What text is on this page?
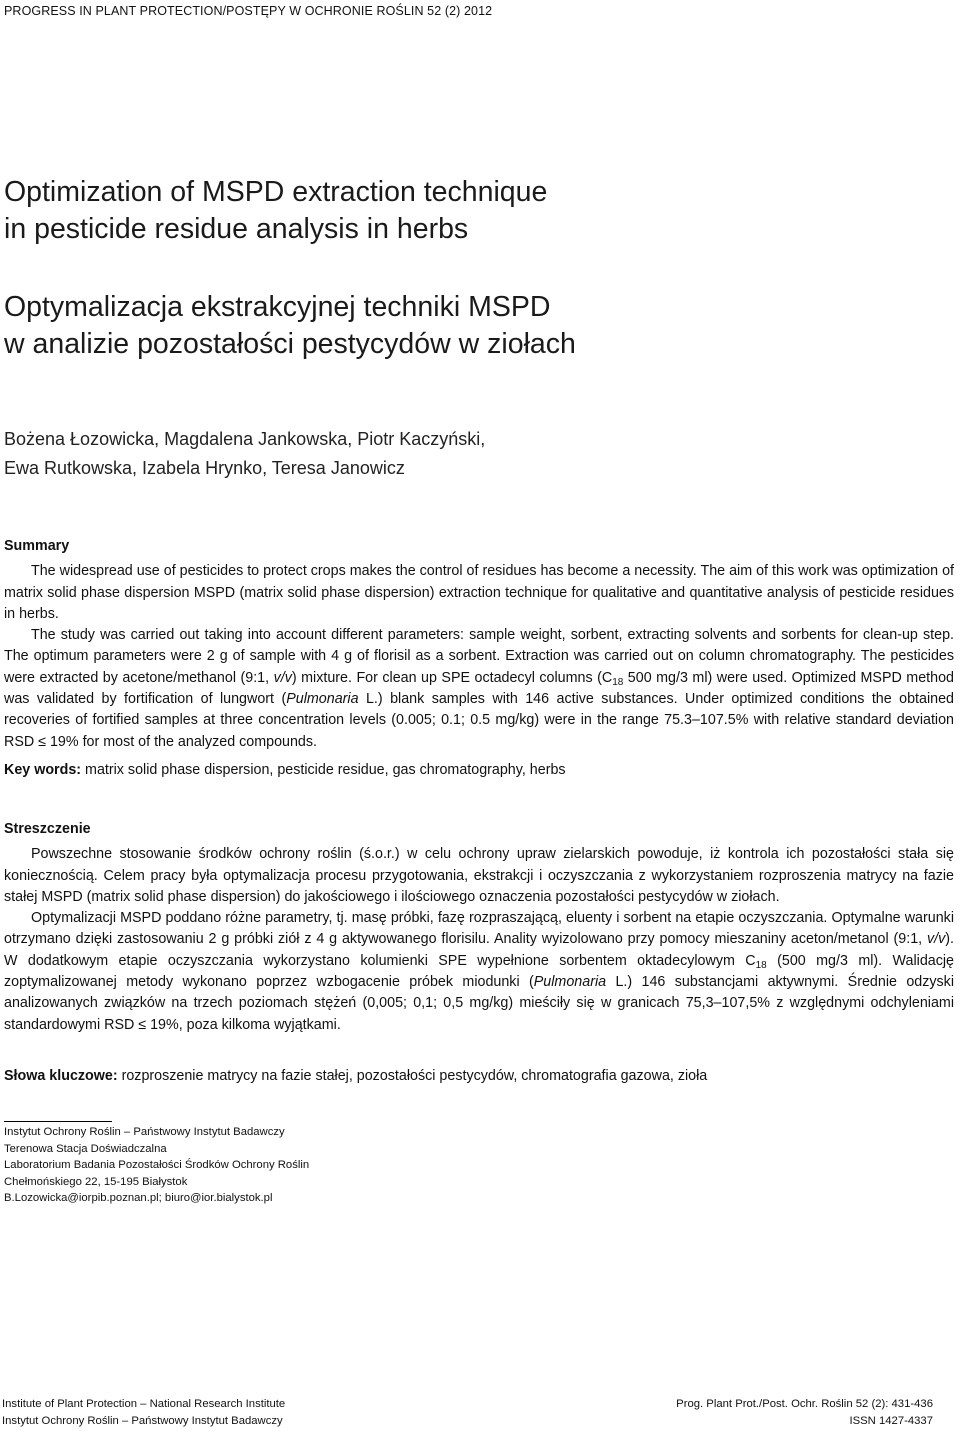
PROGRESS IN PLANT PROTECTION/POSTĘPY W OCHRONIE ROŚLIN 52 (2) 2012
Optimization of MSPD extraction technique
in pesticide residue analysis in herbs
Optymalizacja ekstrakcyjnej techniki MSPD
w analizie pozostałości pestycydów w ziołach
Bożena Łozowicka, Magdalena Jankowska, Piotr Kaczyński,
Ewa Rutkowska, Izabela Hrynko, Teresa Janowicz
Summary

The widespread use of pesticides to protect crops makes the control of residues has become a necessity. The aim of this work was optimization of matrix solid phase dispersion MSPD (matrix solid phase dispersion) extraction technique for qualitative and quantitative analysis of pesticide residues in herbs.

The study was carried out taking into account different parameters: sample weight, sorbent, extracting solvents and sorbents for clean-up step. The optimum parameters were 2 g of sample with 4 g of florisil as a sorbent. Extraction was carried out on column chromatography. The pesticides were extracted by acetone/methanol (9:1, v/v) mixture. For clean up SPE octadecyl columns ($C_{18}$ 500 mg/3 ml) were used. Optimized MSPD method was validated by fortification of lungwort (Pulmonaria L.) blank samples with 146 active substances. Under optimized conditions the obtained recoveries of fortified samples at three concentration levels (0.005; 0.1; 0.5 mg/kg) were in the range 75.3–107.5% with relative standard deviation RSD ≤ 19% for most of the analyzed compounds.

Key words: matrix solid phase dispersion, pesticide residue, gas chromatography, herbs
Streszczenie

Powszechne stosowanie środków ochrony roślin (ś.o.r.) w celu ochrony upraw zielarskich powoduje, iż kontrola ich pozostałości stała się koniecznością. Celem pracy była optymalizacja procesu przygotowania, ekstrakcji i oczyszczania z wykorzystaniem rozproszenia matrycy na fazie stałej MSPD (matrix solid phase dispersion) do jakościowego i ilościowego oznaczenia pozostałości pestycydów w ziołach.

Optymalizacji MSPD poddano różne parametry, tj. masę próbki, fazę rozpraszającą, eluenty i sorbent na etapie oczyszczania. Optymalne warunki otrzymano dzięki zastosowaniu 2 g próbki ziół z 4 g aktywowanego florisilu. Anality wyizolowano przy pomocy mieszaniny aceton/metanol (9:1, v/v). W dodatkowym etapie oczyszczania wykorzystano kolumienki SPE wypełnione sorbentem oktadecylowym $C_{18}$ (500 mg/3 ml). Walidację zoptymalizowanej metody wykonano poprzez wzbogacenie próbek miodunki (Pulmonaria L.) 146 substancjami aktywnymi. Średnie odzyski analizowanych związków na trzech poziomach stężeń (0,005; 0,1; 0,5 mg/kg) mieściły się w granicach 75,3–107,5% z względnymi odchyleniami standardowymi RSD ≤ 19%, poza kilkoma wyjątkami.

Słowa kluczowe: rozproszenie matrycy na fazie stałej, pozostałości pestycydów, chromatografia gazowa, zioła
Instytut Ochrony Roślin – Państwowy Instytut Badawczy
Terenowa Stacja Doświadczalna
Laboratorium Badania Pozostałości Środków Ochrony Roślin
Chełmońskiego 22, 15-195 Białystok
B.Lozowicka@iorpib.poznan.pl; biuro@ior.bialystok.pl
Institute of Plant Protection – National Research Institute
Instytut Ochrony Roślin – Państwowy Instytut Badawczy
Prog. Plant Prot./Post. Ochr. Roślin 52 (2): 431-436
ISSN 1427-4337
